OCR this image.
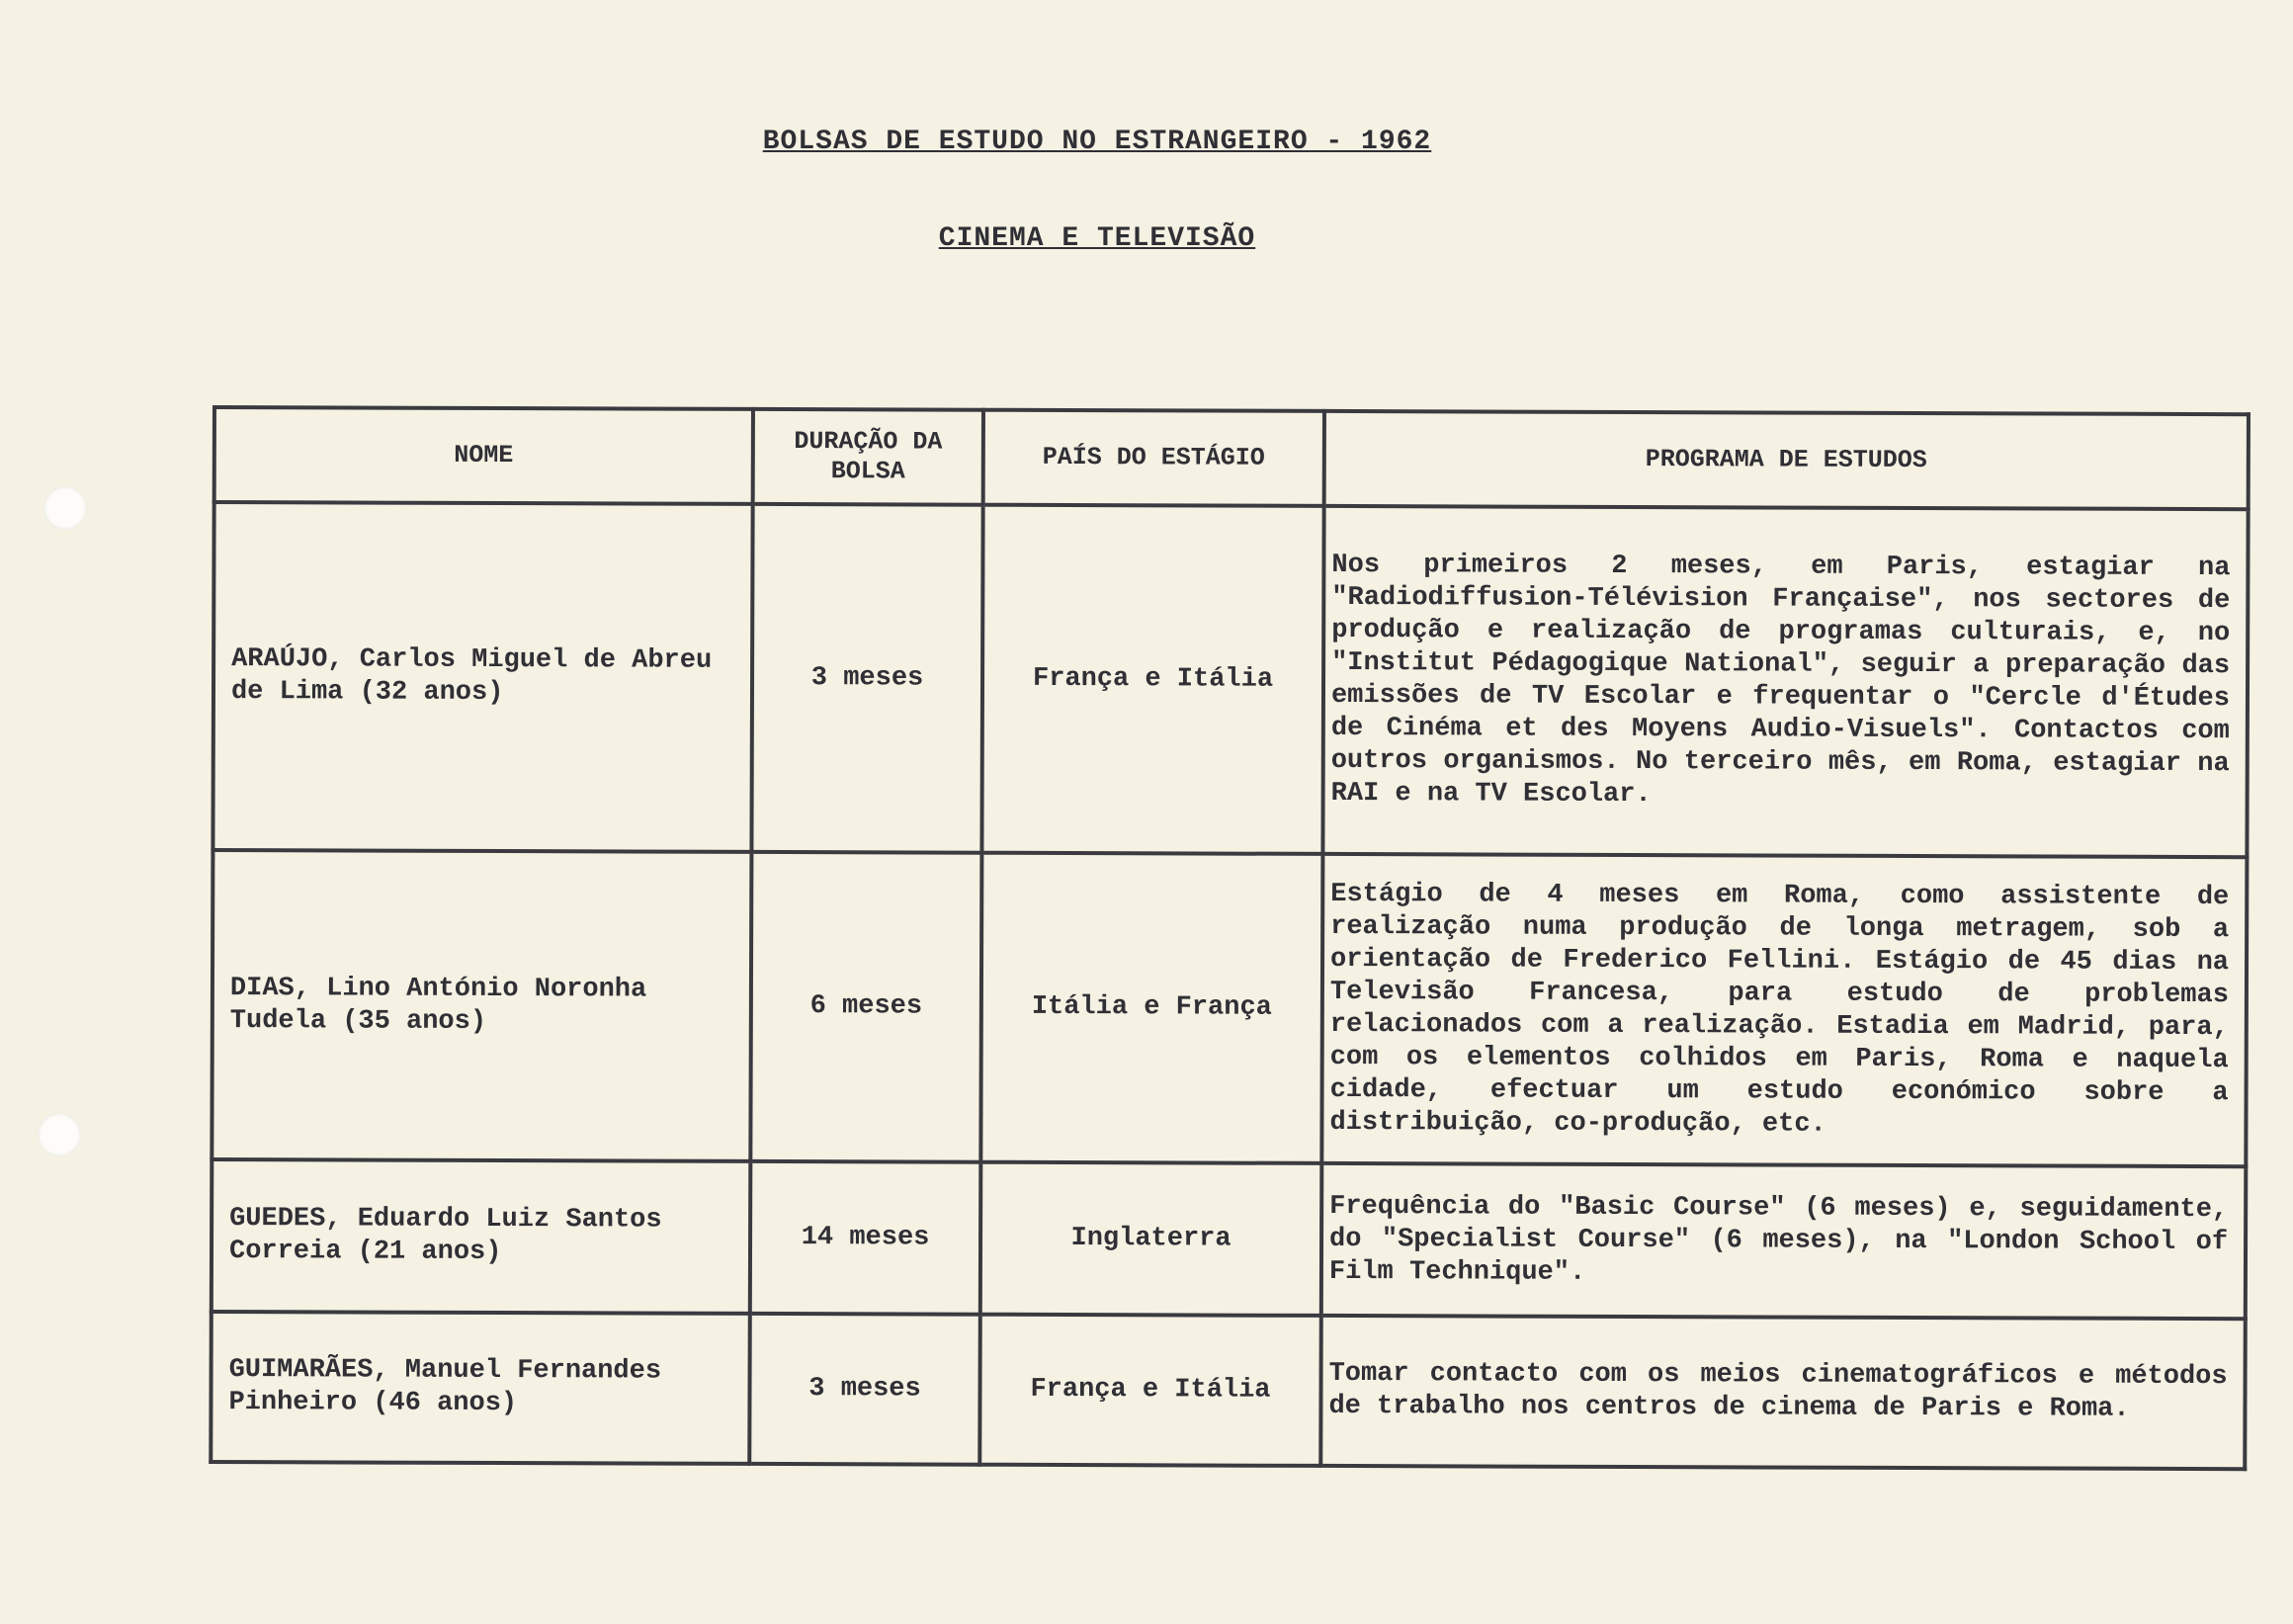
BOLSAS DE ESTUDO NO ESTRANGEIRO - 1962
CINEMA E TELEVISÃO
NOME	DURAÇÃO DA BOLSA	PAÍS DO ESTÁGIO	PROGRAMA DE ESTUDOS
ARAÚJO, Carlos Miguel de Abreu de Lima (32 anos)	3 meses	França e Itália	Nos primeiros 2 meses, em Paris, estagiar na "Radiodiffusion-Télévision Française", nos sectores de produção e realização de programas culturais, e, no "Institut Pédagogique National", seguir a preparação das emissões de TV Escolar e frequentar o "Cercle d'Études de Cinéma et des Moyens Audio-Visuels". Contactos com outros organismos. No terceiro mês, em Roma, estagiar na RAI e na TV Escolar.
DIAS, Lino António Noronha Tudela (35 anos)	6 meses	Itália e França	Estágio de 4 meses em Roma, como assistente de realização numa produção de longa metragem, sob a orientação de Frederico Fellini. Estágio de 45 dias na Televisão Francesa, para estudo de problemas relacionados com a realização. Estadia em Madrid, para, com os elementos colhidos em Paris, Roma e naquela cidade, efectuar um estudo económico sobre a distribuição, co-produção, etc.
GUEDES, Eduardo Luiz Santos Correia (21 anos)	14 meses	Inglaterra	Frequência do "Basic Course" (6 meses) e, seguidamente, do "Specialist Course" (6 meses), na "London School of Film Technique".
GUIMARÃES, Manuel Fernandes Pinheiro (46 anos)	3 meses	França e Itália	Tomar contacto com os meios cinematográficos e métodos de trabalho nos centros de cinema de Paris e Roma.
